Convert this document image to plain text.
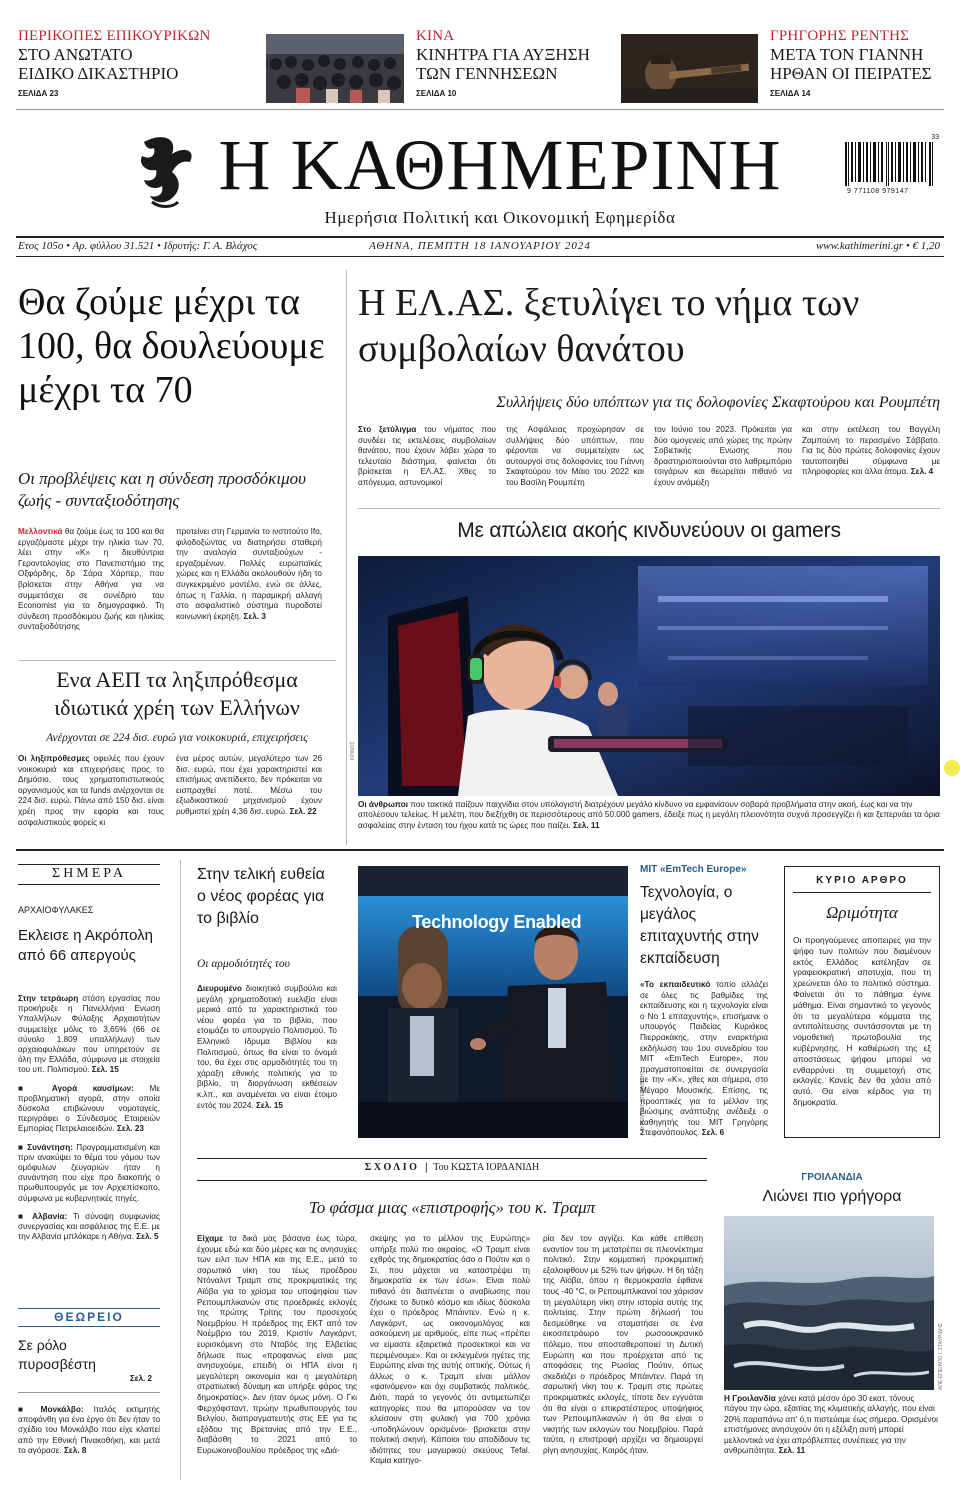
ΠΕΡΙΚΟΠΕΣ ΕΠΙΚΟΥΡΙΚΩΝ
ΣΤΟ ΑΝΩΤΑΤΟ ΕΙΔΙΚΟ ΔΙΚΑΣΤΗΡΙΟ
ΣΕΛΙΔΑ 23
ΚΙΝΑ
ΚΙΝΗΤΡΑ ΓΙΑ ΑΥΞΗΣΗ ΤΩΝ ΓΕΝΝΗΣΕΩΝ
ΣΕΛΙΔΑ 10
ΓΡΗΓΟΡΗΣ ΡΕΝΤΗΣ
ΜΕΤΑ ΤΟΝ ΓΙΑΝΝΗ ΗΡΘΑΝ ΟΙ ΠΕΙΡΑΤΕΣ
ΣΕΛΙΔΑ 14
Η ΚΑΘΗΜΕΡΙΝΗ
Ημερήσια Πολιτική και Οικονομική Εφημερίδα
33
9 771108 979147
Ετος 105ο • Αρ. φύλλου 31.521 • Ιδρυτής: Γ. Α. Βλάχος	ΑΘΗΝΑ, ΠΕΜΠΤΗ 18 ΙΑΝΟΥΑΡΙΟΥ 2024	www.kathimerini.gr • € 1,20
Θα ζούμε μέχρι τα 100, θα δουλεύουμε μέχρι τα 70
Οι προβλέψεις και η σύνδεση προσδόκιμου ζωής - συνταξιοδότησης
Μελλοντικά θα ζούμε έως τα 100 και θα εργαζόμαστε μέχρι την ηλικία των 70, λέει στην «Κ» η διευθύντρια Γεροντολογίας στο Πανεπιστήμιο της Οξφόρδης, δρ Σάρα Χάρπερ, που βρίσκεται στην Αθήνα για να συμμετάσχει σε συνέδριο του Economist για τα δημογραφικό. Τη σύνδεση προσδόκιμου ζωής και ηλικίας συνταξιοδότησης
προτείνει στη Γερμανία το ινστιτούτο Ifo, φιλοδοξώντας να διατηρήσει σταθερή την αναλογία συνταξιούχων - εργαζομένων. Πολλές ευρωπαϊκές χώρες και η Ελλάδα ακολουθούν ήδη το συγκεκριμένο μοντέλο, ενώ σε άλλες, όπως η Γαλλία, η παραμικρή αλλαγή στο ασφαλιστικό σύστημα πυροδοτεί κοινωνική έκρηξη. Σελ. 3
Ενα ΑΕΠ τα ληξιπρόθεσμα ιδιωτικά χρέη των Ελλήνων
Ανέρχονται σε 224 δισ. ευρώ για νοικοκυριά, επιχειρήσεις
Οι ληξιπρόθεσμες οφειλές που έχουν νοικοκυριά και επιχειρήσεις προς το Δημόσιο, τους χρηματοπιστωτικούς οργανισμούς και τα funds ανέρχονται σε 224 δισ. ευρώ. Πάνω από 150 δισ. είναι χρέη προς την εφορία και τους ασφαλιστικούς φορείς κι
ένα μέρος αυτών, μεγαλύτερο των 26 δισ. ευρώ, που έχει χαρακτηριστεί και επισήμως ανεπίδεκτο, δεν πρόκειται να εισπραχθεί ποτέ. Μέσω του εξωδικαστικού μηχανισμού έχουν ρυθμιστεί χρέη 4,36 δισ. ευρώ. Σελ. 22
Η ΕΛ.ΑΣ. ξετυλίγει το νήμα των συμβολαίων θανάτου
Συλλήψεις δύο υπόπτων για τις δολοφονίες Σκαφτούρου και Ρουμπέτη
Στο ξετύλιγμα του νήματος που συνδέει τις εκτελέσεις συμβολαίων θανάτου, που έχουν λάβει χώρα το τελευταίο διάστημα, φαίνεται ότι βρίσκεται η ΕΛ.ΑΣ. Χθες το απόγευμα, αστυνομικοί
της Ασφάλειας προχώρησαν σε συλλήψεις δύο υπόπτων, που φέρονται να συμμετείχαν ως αυτουργοί στις δολοφονίες του Γιάννη Σκαφτούρου τον Μάιο του 2022 και του Βασίλη Ρουμπέτη
τον Ιούνιο του 2023. Πρόκειται για δύο ομογενείς από χώρες της πρώην Σοβιετικής Ενωσης που δραστηριοποιούνται στο λαθρεμπόριο τσιγάρων και θεωρείται πιθανό να έχουν ανάμειξη
και στην εκτέλεση του Βαγγέλη Ζαμπούνη το περασμένο Σάββατο. Για τις δύο πρώτες δολοφονίες έχουν ταυτοποιηθεί σύμφωνα με πληροφορίες και άλλα άτομα. Σελ. 4
Με απώλεια ακοής κινδυνεύουν οι gamers
ΚΡΙΝΟΣ
Οι άνθρωποι που τακτικά παίζουν παιχνίδια στον υπολογιστή διατρέχουν μεγάλο κίνδυνο να εμφανίσουν σοβαρά προβλήματα στην ακοή, έως και να την απολέσουν τελείως. Η μελέτη, που διεξήχθη σε περισσότερους από 50.000 gamers, έδειξε πως η μεγάλη πλειονότητα συχνά προσεγγίζει ή και ξεπερνάει τα όρια ασφαλείας στην ένταση του ήχου κατά τις ώρες που παίζει. Σελ. 11
ΣΗΜΕΡΑ
ΑΡΧΑΙΟΦΥΛΑΚΕΣ
Εκλεισε η Ακρόπολη από 66 απεργούς
Στην τετράωρη στάση εργασίας που προκήρυξε η Πανελλήνια Ενωση Υπαλλήλων Φύλαξης Αρχαιοτήτων συμμετείχε μόλις το 3,65% (66 σε σύνολο 1.809 υπαλλήλων) των αρχαιοφυλάκων που υπηρετούν σε όλη την Ελλάδα, σύμφωνα με στοιχεία του υπ. Πολιτισμού. Σελ. 15
■ Αγορά καυσίμων: Με προβληματική αγορά, στην οποία δύσκολα επιβιώνουν νομοταγείς, περιγράφει ο Σύνδεσμος Εταιρειών Εμπορίας Πετρελαιοειδών. Σελ. 23
■ Συνάντηση: Προγραμματισμένη και πριν ανακύψει το θέμα του γάμου των ομόφυλων ζευγαριών ήταν η συνάντηση που είχε προ διακοπής ο πρωθυπουργός με τον Αρχιεπίσκοπο, σύμφωνα με κυβερνητικές πηγές.
■ Αλβανία: Τι σύνοψη συμφωνίας συνεργασίας και ασφάλειας της Ε.Ε. με την Αλβανία μπλόκαρε η Αθήνα. Σελ. 5
ΘΕΩΡΕΙΟ
Σε ρόλο πυροσβέστη
Σελ. 2
■ Μονκάλβο: Ιταλός εκτιμητής αποφάνθη για ένα έργο ότι δεν ήταν το σχέδιο του Μονκάλβο που είχε κλαπεί από την Εθνική Πινακοθήκη, και μετά το αγόρασε. Σελ. 8
Στην τελική ευθεία ο νέος φορέας για το βιβλίο
Οι αρμοδιότητές του
Διευρυμένο διοικητικό συμβούλιο και μεγάλη χρηματοδοτική ευελιξία είναι μερικά από τα χαρακτηριστικά του νέου φορέα για το βιβλίο, που ετοιμάζει το υπουργείο Πολιτισμού. Το Ελληνικό Ιδρυμα Βιβλίου και Πολιτισμού, όπως θα είναι το όνομά του, θα έχει στις αρμοδιότητές του τη χάραξη εθνικής πολιτικής για το βιβλίο, τη διοργάνωση εκθέσεων κ.λπ., και αναμένεται να είναι έτοιμο εντός του 2024. Σελ. 15
Technology Enabled
ΛΑΥΡΕΝΤΙΟΣ ΣΤΕΦΑΝΙΔΗΣ
MIT «EmTech Europe»
Τεχνολογία, ο μεγάλος επιταχυντής στην εκπαίδευση
«Το εκπαιδευτικό τοπίο αλλάζει σε όλες τις βαθμίδες της εκπαίδευσης και η τεχνολογία είναι ο Νο 1 επιταχυντής», επισήμανε ο υπουργός Παιδείας Κυριάκος Πιερρακάκης, στην εναρκτήρια εκδήλωση του 1ου συνεδρίου του MIT «EmTech Europe», που πραγματοποιείται σε συνεργασία με την «Κ», χθες και σήμερα, στο Μέγαρο Μουσικής. Επίσης, τις προοπτικές για το μέλλον της βιώσιμης ανάπτυξης ανέδειξε ο καθηγητής του MIT Γρηγόρης Στεφανόπουλος. Σελ. 6
ΚΥΡΙΟ ΑΡΘΡΟ
Ωριμότητα
Οι προηγούμενες αποπειρες για την ψήφο των πολιτών που διαμένουν εκτός Ελλάδος κατέληξαν σε γραφειοκρατική αποτυχία, που τη χρεώνεται όλο το πολιτικό σύστημα. Φαίνεται ότι το πάθημα έγινε μάθημα. Είναι σημαντικό το γεγονός ότι τα μεγαλύτερα κόμματα της αντιπολίτευσης συντάσσονται με τη νομοθετική πρωτοβουλία της κυβέρνησης. Η καθιέρωση της εξ αποστάσεως ψήφου μπορεί να ενθαρρύνει τη συμμετοχή στις εκλογές. Κανείς δεν θα χάσει από αυτό. Θα είναι κέρδος για τη δημοκρατία.
ΣΧΟΛΙΟ | Του ΚΩΣΤΑ ΙΟΡΔΑΝΙΔΗ
Το φάσμα μιας «επιστροφής» του κ. Τραμπ
Είχαμε τα δικά μας βάσανα έως τώρα, έχουμε εδώ και δύο μέρες και τις ανησυχίες των ειλιτ των ΗΠΑ και της Ε.Ε., μετά το σαρωτικό νίκη του τέως προέδρου Ντόναλντ Τραμπ στις προκριματικές της Αϊόβα για το χρίσμα του υποψηφίου των Ρεπουμπλικανών στις προεδρικές εκλογές της πρώτης Τρίτης του προσεχούς Νοεμβρίου. Η πρόεδρος της ΕΚΤ από τον Νοέμβριο του 2019, Κριστίν Λαγκάρντ, ευρισκόμενη στο Νταβός της Ελβετίας δήλωσε πως «προφανώς είναι μας ανησυχούμε, επειδή οι ΗΠΑ είναι η μεγαλύτερη οικονομία και η μεγαλύτερη στρατιωτική δύναμη και υπήρξε φάρος της δημοκρατίας». Δεν ήταν όμως μόνη. Ο Γκι Φερχόφσταντ, πρώην πρωθυπουργός του Βελγίου, διαπραγματευτής στις ΕΕ για τις εξόδου της Βρετανίας από την Ε.Ε., διαβάσθη το 2021 από το Ευρωκοινοβουλίου πρόεδρος της «Διά-
σκεψης για το μέλλον της Ευρώπης» υπήρξε πολύ πιο ακραίος. «Ο Τραμπ είναι εχθρός της δημοκρατίας όσο ο Πούτιν και ο Σι, που μάχεται να καταστρέψει τη δημοκρατία εκ των έσω». Είναι πολύ πιθανό ότι διαπνέεται ο αναβίωσης που ζήσωκε το δυτικό κόσμο και ιδίως δύσκολα έχει ο πρόεδρος Μπάιντεν. Ενώ η κ. Λαγκάρντ, ως οικονομολόγος και ασκούμενη με αριθμούς, είπε πως «πρέπει να είμαστε εξαιρετικά προσεκτικοί και να περιμένουμε». Και οι εκλεγμένοι ηγέτες της Ευρώπης είναι της αυτής οπτικής. Ούτως ή άλλως ο κ. Τραμπ είναι μάλλον «φαινόμενο» και όχι συμβατικός πολιτικός. Διότι, παρά το γεγονός ότι αντιμετωπίζει κατηγορίες που θα μπορούσαν να τον κλείσουν στη φυλακή για 700 χρόνια -υποδηλώνουν ορισμένοι- βρισκεται στην πολιτική σκηνή. Κάποιοι του αποδίδουν τις ιδιότητες του μαγειρικού σκεύους Tefal. Καμία κατηγο-
ρία δεν τον αγγίζει. Και κάθε επίθεση εναντίον του τη μετατρέπει σε πλεονέκτημα πολιτικό. Στην κομματική προκριματική εξαλοιφθουν με 52% των ψήφων. Η 6η τάξη της Αϊόβα, όπου η θερμοκρασία έφθανε τους -40 °C, οι Ρεπουμπλικανοί του χάρισαν τη μεγαλύτερη νίκη στην ιστορία αυτής της πολιτείας. Στην πρώτη δήλωσή του δεσμεύθηκε να σταματήσει σε ένα εικοσιτετράωρο τον ρωσοουκρανικό πόλεμο, που αποσταθεροποιεί τη Δυτική Ευρώπη και που προέρχεται από τις αποφάσεις της Ρωσίας Πούτιν, όπως σκεδιάζει ο πρόεδρος Μπάιντεν. Παρά τη σαρωτική νίκη του κ. Τραμπ στις πρώτες προκριματικές εκλογές, τίποτε δεν εγγυάται ότι θα είναι ο επικρατέστερος υποψήφιος των Ρεπουμπλικανών ή ότι θα είναι ο νικητής των εκλογών του Νοεμβρίου. Παρά ταύτα, η επιστροφή αρχίζει να δημιουργεί ρίγη ανησυχίας. Καιρός ήταν.
ΓΡΟΙΛΑΝΔΙΑ
Λιώνει πιο γρήγορα
ΑΠΕ-ΕΠΕ/ΑΠΟ Ι. ΣΤΑΥΡΙΔΗΣ
Η Γροιλανδία χάνει κατά μέσον όρο 30 εκατ. τόνους πάγου την ώρα, εξαιτίας της κλιματικής αλλαγής, που είναι 20% παραπάνω απ' ό,τι πιστεύαμε έως σήμερα. Ορισμένοι επιστήμονες ανησυχούν ότι η εξέλιξη αυτή μπορεί μελλοντικά να έχει απρόβλεπτες συνέπειες για την ανθρωπότητα. Σελ. 11
